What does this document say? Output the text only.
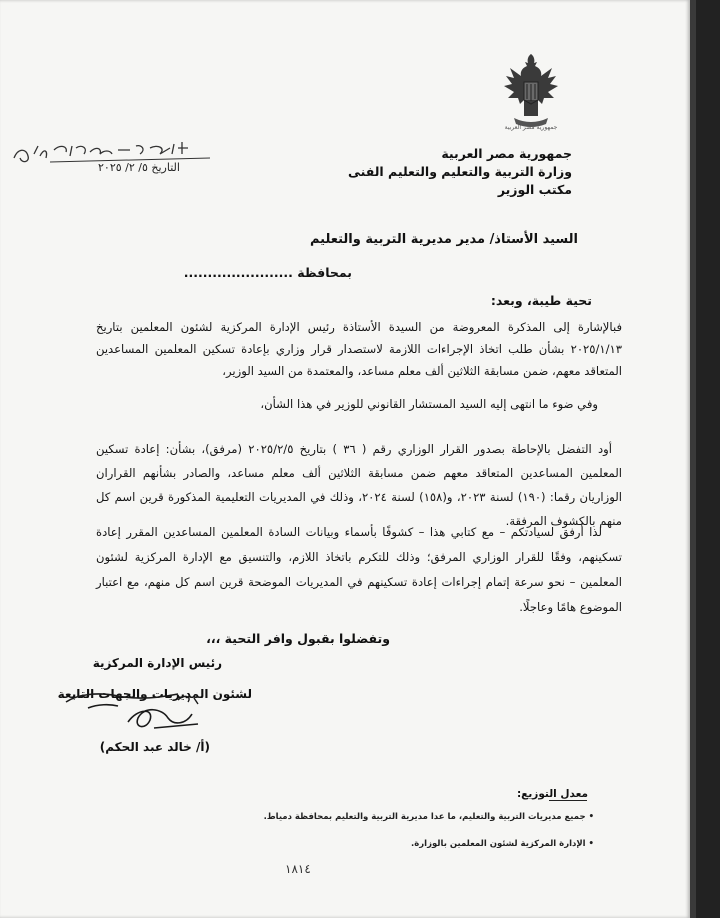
جمهورية مصر العربية
جمهورية مصر العربية
وزارة التربية والتعليم والتعليم الفنى
مكتب الوزير
التاريخ ٥/ ٢/ ٢٠٢٥
السيد الأستاذ/ مدير مديرية التربية والتعليم
بمحافظة .......................
تحية طيبة، وبعد:
فبالإشارة إلى المذكرة المعروضة من السيدة الأستاذة رئيس الإدارة المركزية لشئون المعلمين بتاريخ ٢٠٢٥/١/١٣ بشأن طلب اتخاذ الإجراءات اللازمة لاستصدار قرار وزاري بإعادة تسكين المعلمين المساعدين المتعاقد معهم، ضمن مسابقة الثلاثين ألف معلم مساعد، والمعتمدة من السيد الوزير،
وفي ضوء ما انتهى إليه السيد المستشار القانوني للوزير في هذا الشأن،
أود التفضل بالإحاطة بصدور القرار الوزاري رقم ( ٣٦ ) بتاريخ ٢٠٢٥/٢/٥ (مرفق)، بشأن: إعادة تسكين المعلمين المساعدين المتعاقد معهم ضمن مسابقة الثلاثين ألف معلم مساعد، والصادر بشأنهم القراران الوزاريان رقما: (١٩٠) لسنة ٢٠٢٣، و(١٥٨) لسنة ٢٠٢٤، وذلك في المديريات التعليمية المذكورة قرين اسم كل منهم بالكشوف المرفقة.
لذا أرفق لسيادتكم – مع كتابي هذا – كشوفًا بأسماء وبيانات السادة المعلمين المساعدين المقرر إعادة تسكينهم، وفقًا للقرار الوزاري المرفق؛ وذلك للتكرم باتخاذ اللازم، والتنسيق مع الإدارة المركزية لشئون المعلمين – نحو سرعة إتمام إجراءات إعادة تسكينهم في المديريات الموضحة قرين اسم كل منهم، مع اعتبار الموضوع هامًا وعاجلًا.
وتفضلوا بقبول وافر التحية ،،،
رئيس الإدارة المركزية
لشئون المديريات والجهات التابعة
(أ/ خالد عبد الحكم)
معدل التوزيع:
• جميع مديريات التربية والتعليم، ما عدا مديرية التربية والتعليم بمحافظة دمياط.
• الإدارة المركزية لشئون المعلمين بالوزارة.
١٨١٤
